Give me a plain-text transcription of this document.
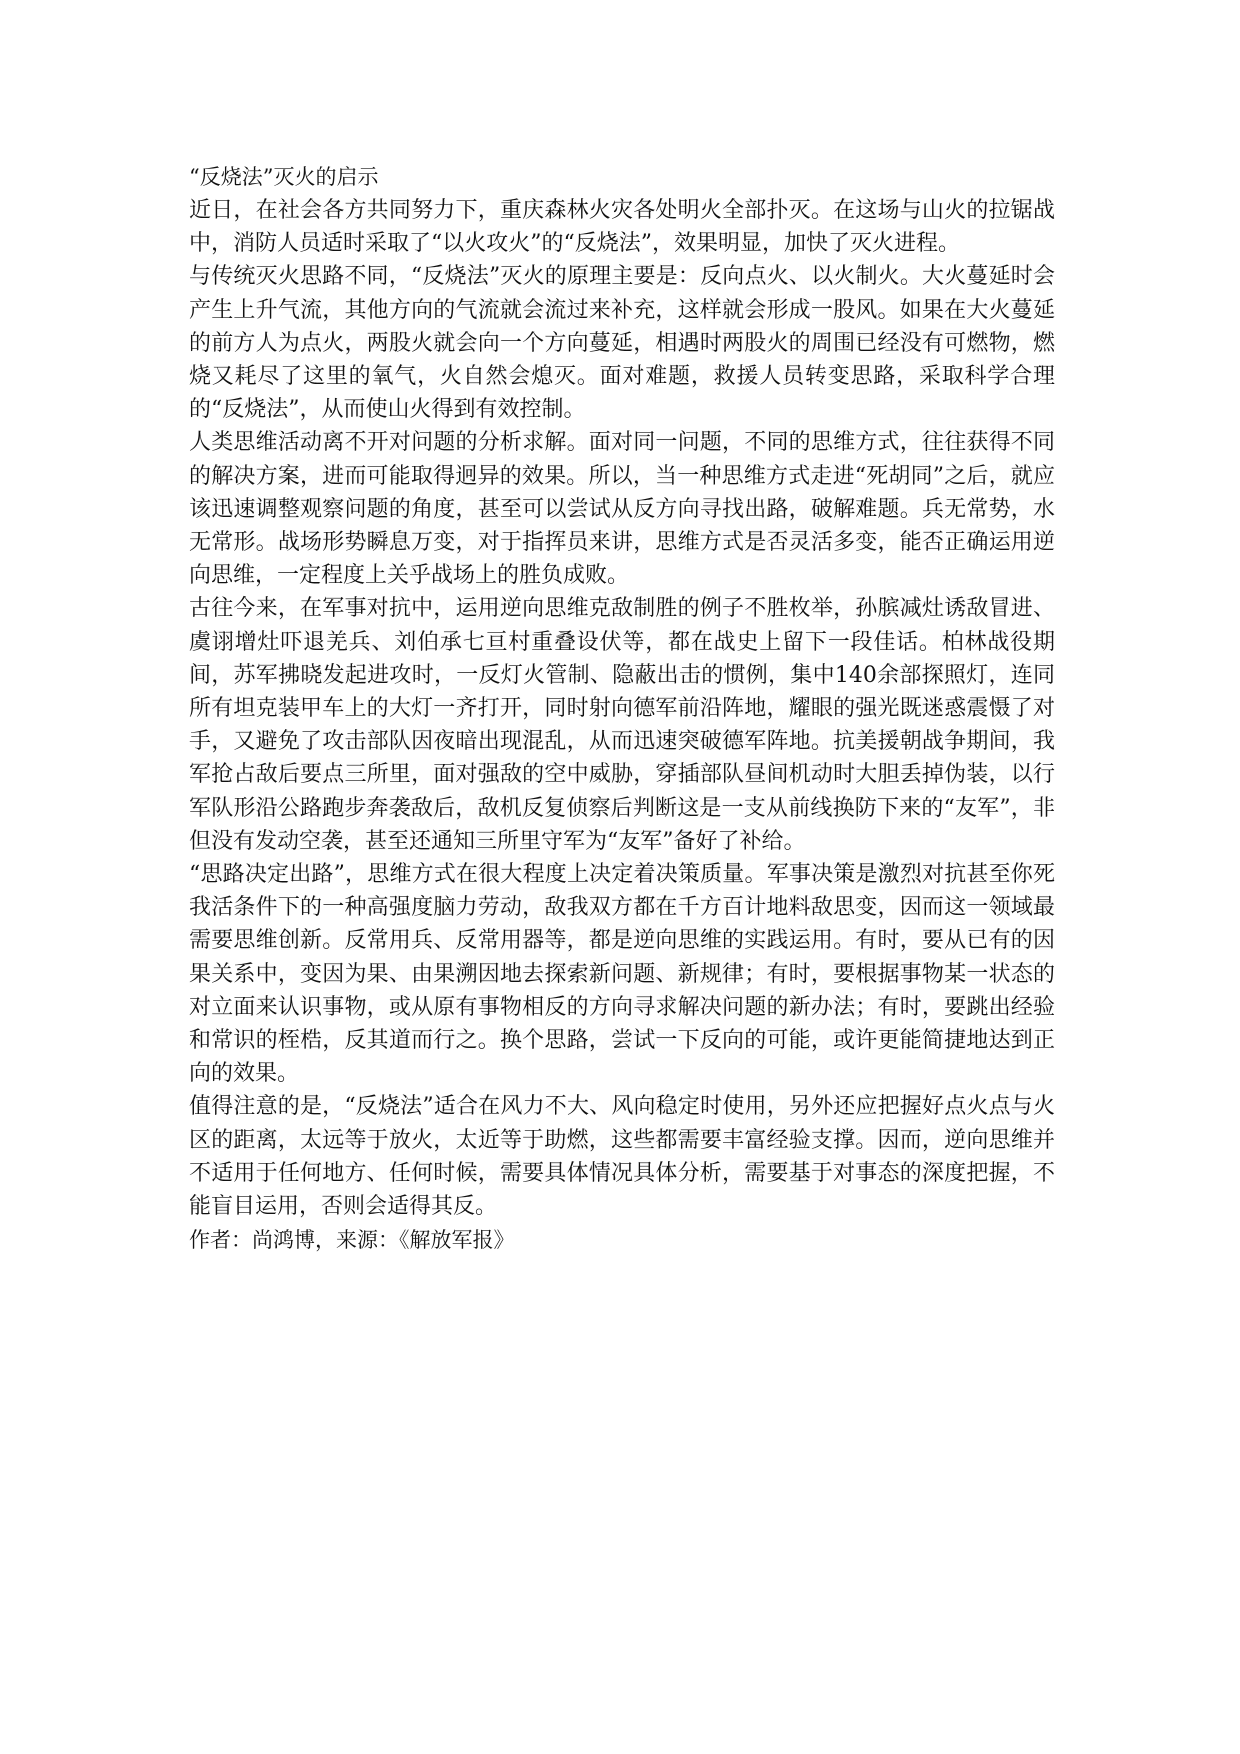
“反烧法”灭火的启示

近日，在社会各方共同努力下，重庆森林火灾各处明火全部扑灭。在这场与山火的拉锯战中，消防人员适时采取了“以火攻火”的“反烧法”，效果明显，加快了灭火进程。

与传统灭火思路不同，“反烧法”灭火的原理主要是：反向点火、以火制火。大火蔓延时会产生上升气流，其他方向的气流就会流过来补充，这样就会形成一股风。如果在大火蔓延的前方人为点火，两股火就会向一个方向蔓延，相遇时两股火的周围已经没有可燃物，燃烧又耗尽了这里的氧气，火自然会熄灭。面对难题，救援人员转变思路，采取科学合理的“反烧法”，从而使山火得到有效控制。

人类思维活动离不开对问题的分析求解。面对同一问题，不同的思维方式，往往获得不同的解决方案，进而可能取得迥异的效果。所以，当一种思维方式走进“死胡同”之后，就应该迅速调整观察问题的角度，甚至可以尝试从反方向寻找出路，破解难题。兵无常势，水无常形。战场形势瞬息万变，对于指挥员来讲，思维方式是否灵活多变，能否正确运用逆向思维，一定程度上关乎战场上的胜负成败。

古往今来，在军事对抗中，运用逆向思维克敌制胜的例子不胜枚举，孙膑减灶诱敌冒进、虞诩增灶吓退羌兵、刘伯承七亘村重叠设伏等，都在战史上留下一段佳话。柏林战役期间，苏军拂晓发起进攻时，一反灯火管制、隐蔽出击的惯例，集中140余部探照灯，连同所有坦克装甲车上的大灯一齐打开，同时射向德军前沿阵地，耀眼的强光既迷惑震慑了对手，又避免了攻击部队因夜暗出现混乱，从而迅速突破德军阵地。抗美援朝战争期间，我军抢占敌后要点三所里，面对强敌的空中威胁，穿插部队昼间机动时大胆丢掉伪装，以行军队形沿公路跑步奔袭敌后，敌机反复侦察后判断这是一支从前线换防下来的“友军”，非但没有发动空袭，甚至还通知三所里守军为“友军”备好了补给。

“思路决定出路”，思维方式在很大程度上决定着决策质量。军事决策是激烈对抗甚至你死我活条件下的一种高强度脑力劳动，敌我双方都在千方百计地料敌思变，因而这一领域最需要思维创新。反常用兵、反常用器等，都是逆向思维的实践运用。有时，要从已有的因果关系中，变因为果、由果溯因地去探索新问题、新规律；有时，要根据事物某一状态的对立面来认识事物，或从原有事物相反的方向寻求解决问题的新办法；有时，要跳出经验和常识的桎梏，反其道而行之。换个思路，尝试一下反向的可能，或许更能简捷地达到正向的效果。

值得注意的是，“反烧法”适合在风力不大、风向稳定时使用，另外还应把握好点火点与火区的距离，太远等于放火，太近等于助燃，这些都需要丰富经验支撑。因而，逆向思维并不适用于任何地方、任何时候，需要具体情况具体分析，需要基于对事态的深度把握，不能盲目运用，否则会适得其反。

作者：尚鸿博，来源：《解放军报》
